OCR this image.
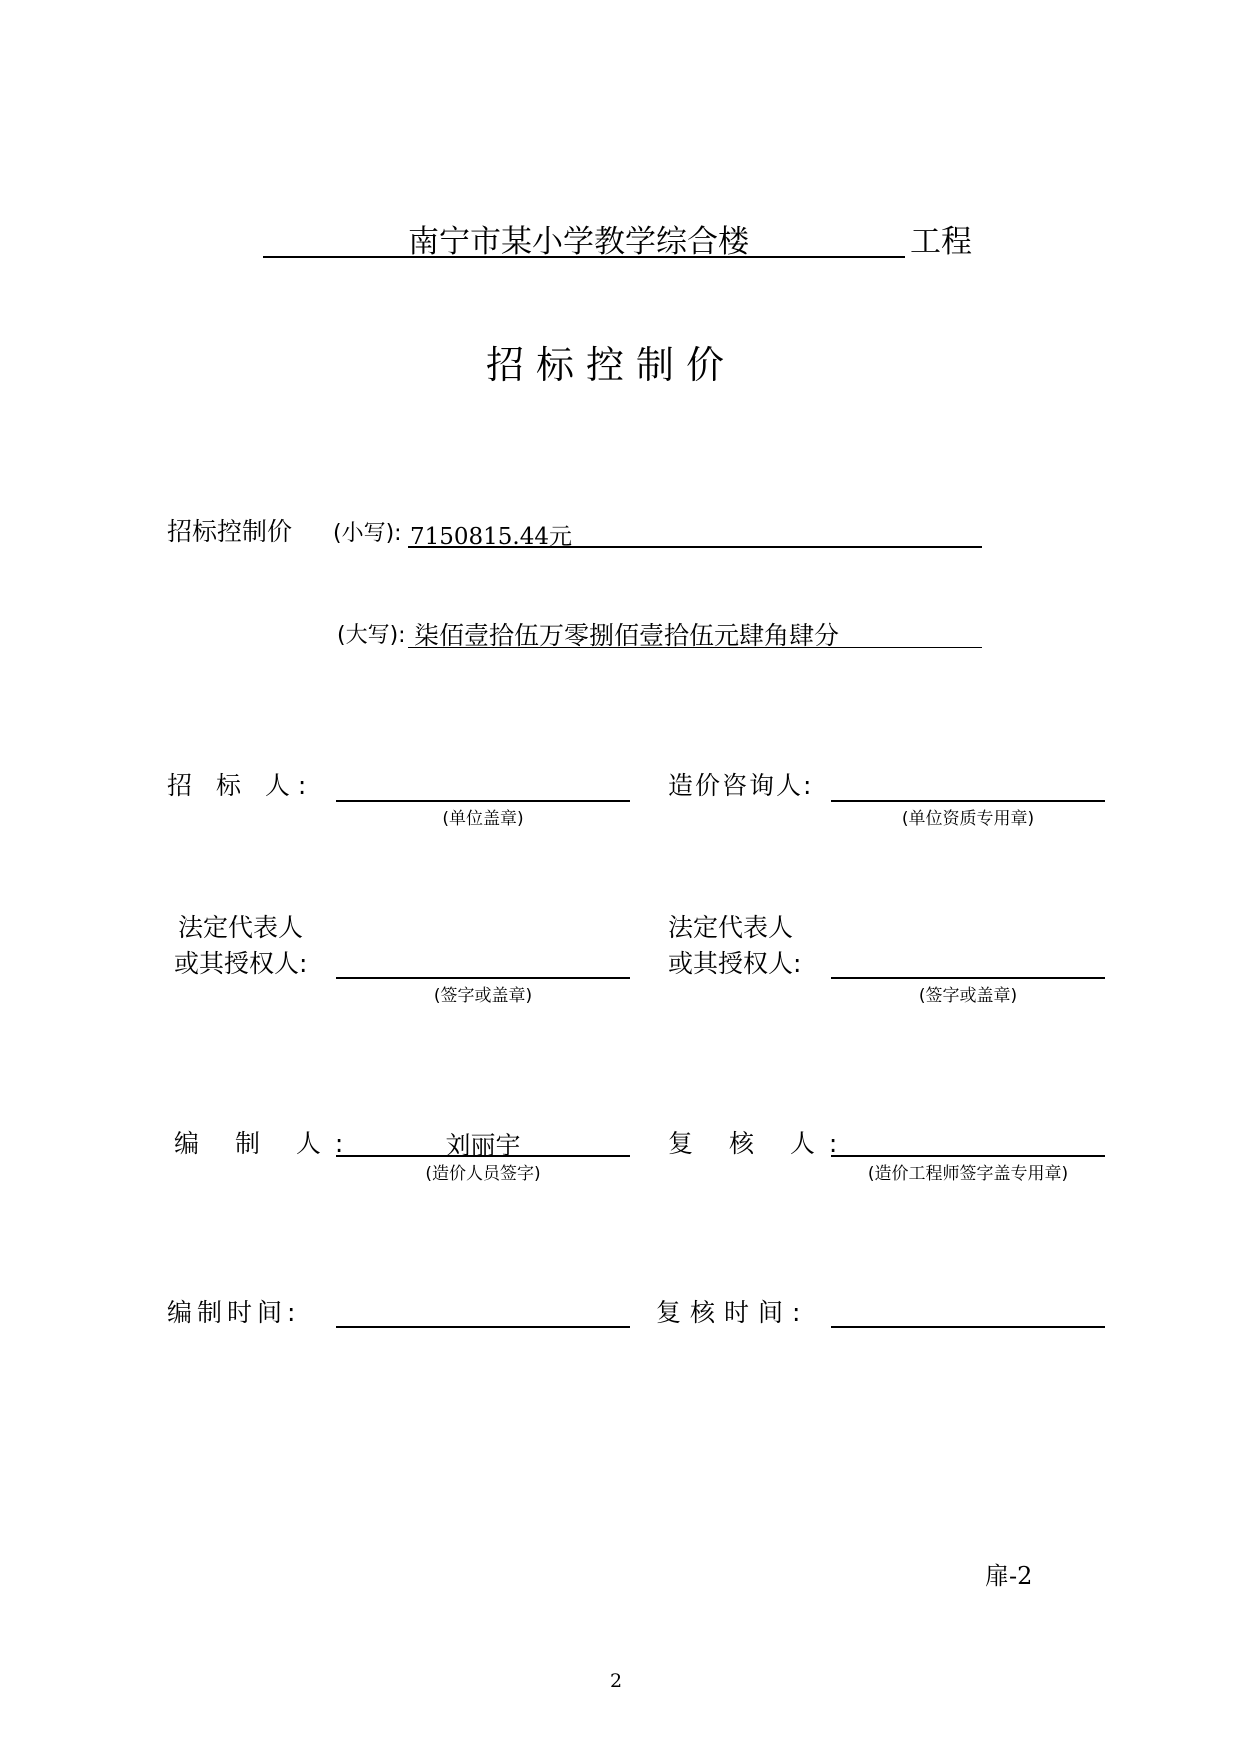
南宁市某小学教学综合楼	工程
招标控制价
招标控制价 (小写): 7150815.44元
(大写): 柒佰壹拾伍万零捌佰壹拾伍元肆角肆分
招 标 人:
(单位盖章)
造价咨询人:
(单位资质专用章)
法定代表人
或其授权人:
(签字或盖章)
法定代表人
或其授权人:
(签字或盖章)
编 制 人:	刘丽宇
(造价人员签字)
复 核 人:
(造价工程师签字盖专用章)
编制时间:	复核时间:
扉-2
2
